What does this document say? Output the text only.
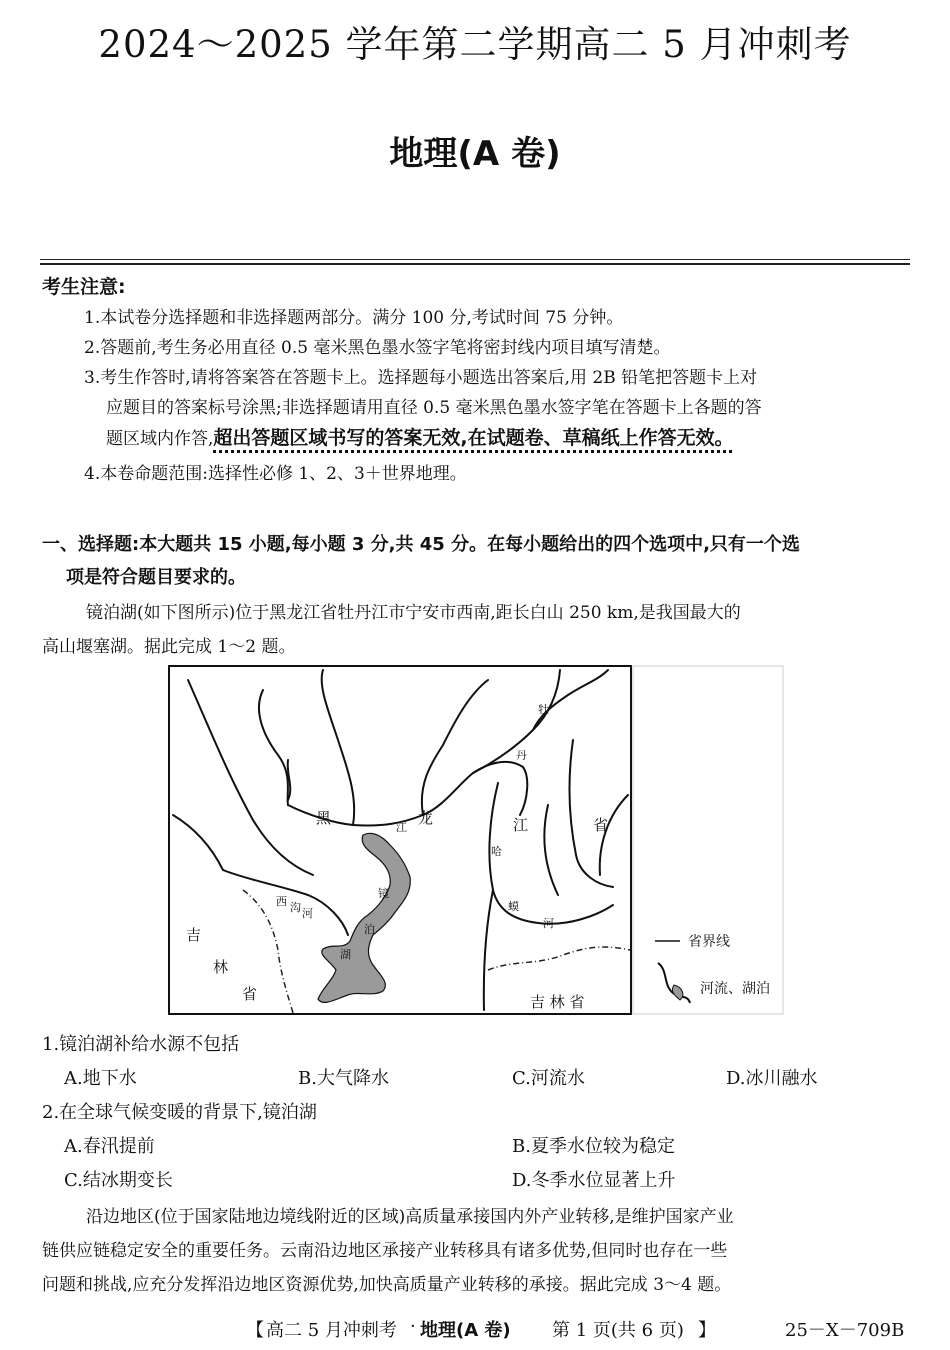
2024～2025 学年第二学期高二 5 月冲刺考
地理(A 卷)
考生注意:
1.本试卷分选择题和非选择题两部分。满分 100 分,考试时间 75 分钟。
2.答题前,考生务必用直径 0.5 毫米黑色墨水签字笔将密封线内项目填写清楚。
3.考生作答时,请将答案答在答题卡上。选择题每小题选出答案后,用 2B 铅笔把答题卡上对
应题目的答案标号涂黑;非选择题请用直径 0.5 毫米黑色墨水签字笔在答题卡上各题的答
题区域内作答,超出答题区域书写的答案无效,在试题卷、草稿纸上作答无效。
4.本卷命题范围:选择性必修 1、2、3＋世界地理。
一、选择题:本大题共 15 小题,每小题 3 分,共 45 分。在每小题给出的四个选项中,只有一个选
项是符合题目要求的。
镜泊湖(如下图所示)位于黑龙江省牡丹江市宁安市西南,距长白山 250 km,是我国最大的
高山堰塞湖。据此完成 1～2 题。
黑	龙
江	江	省
牡
丹
哈
蟆
河
西 沟 河
镜
泊
湖
吉
林
省	吉 林 省
省界线
河流、湖泊
1.镜泊湖补给水源不包括
A.地下水	B.大气降水	C.河流水	D.冰川融水
2.在全球气候变暖的背景下,镜泊湖
A.春汛提前	B.夏季水位较为稳定
C.结冰期变长	D.冬季水位显著上升
沿边地区(位于国家陆地边境线附近的区域)高质量承接国内外产业转移,是维护国家产业
链供应链稳定安全的重要任务。云南沿边地区承接产业转移具有诸多优势,但同时也存在一些
问题和挑战,应充分发挥沿边地区资源优势,加快高质量产业转移的承接。据此完成 3～4 题。
【 高二 5 月冲刺考 · 地理(A 卷) 第 1 页(共 6 页) 】	25－X－709B
